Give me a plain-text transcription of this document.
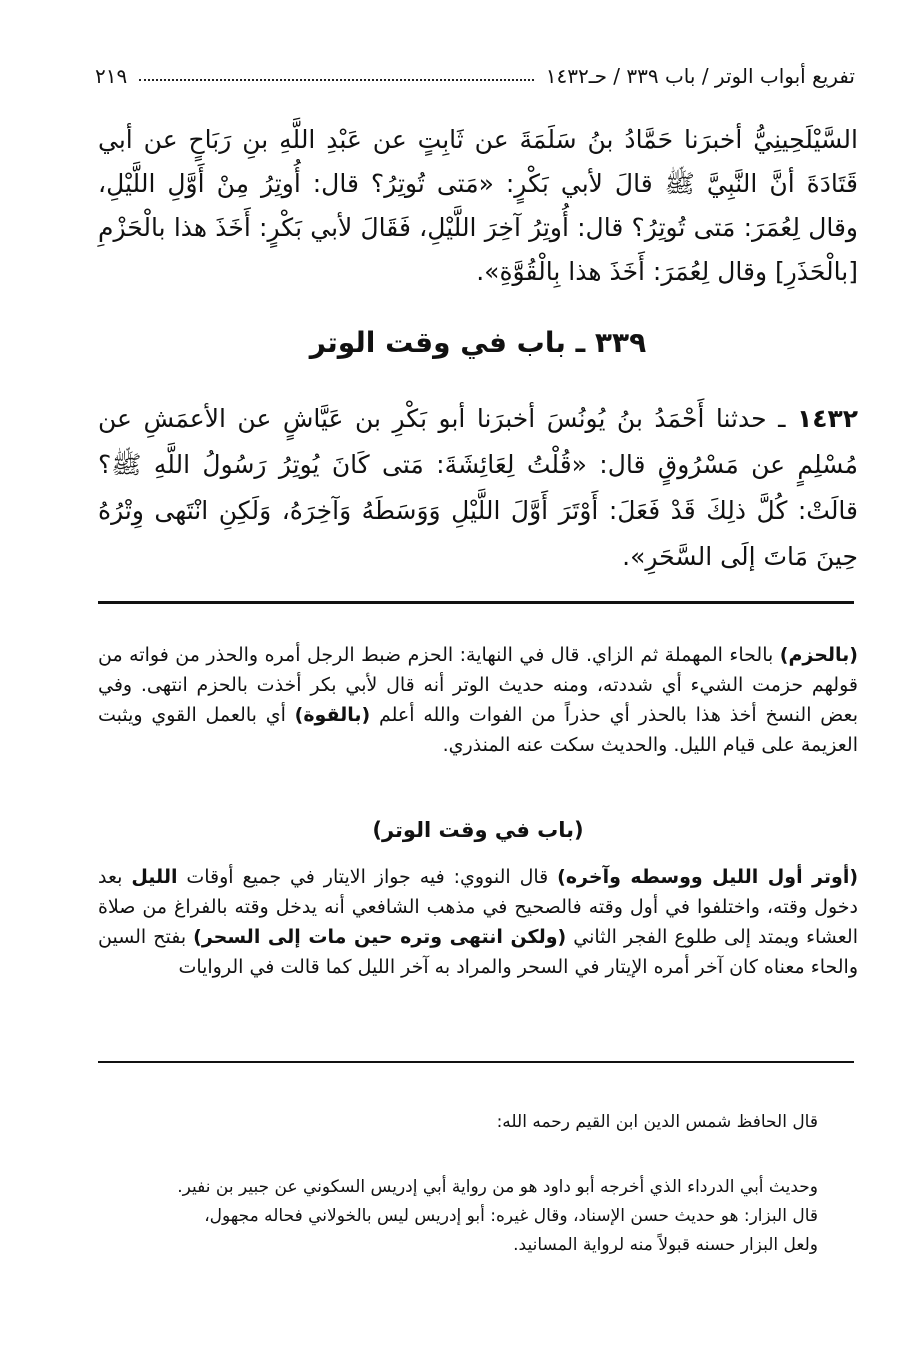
تفريع أبواب الوتر / باب ٣٣٩ / حـ١٤٣٢
٢١٩

السَّيْلَحِينِيُّ أخبرَنا حَمَّادُ بنُ سَلَمَةَ عن ثَابِتٍ عن عَبْدِ اللَّهِ بنِ رَبَاحٍ عن أبي قَتَادَةَ أنَّ النَّبِيَّ ﷺ قالَ لأبي بَكْرٍ: «مَتى تُوتِرُ؟ قال: أُوتِرُ مِنْ أَوَّلِ اللَّيْلِ، وقال لِعُمَرَ: مَتى تُوتِرُ؟ قال: أُوتِرُ آخِرَ اللَّيْلِ، فَقَالَ لأبي بَكْرٍ: أَخَذَ هذا بالْحَزْمِ [بالْحَذَرِ] وقال لِعُمَرَ: أَخَذَ هذا بِالْقُوَّةِ».

٣٣٩ ـ باب في وقت الوتر

١٤٣٢ ـ حدثنا أَحْمَدُ بنُ يُونُسَ أخبرَنا أبو بَكْرِ بن عَيَّاشٍ عن الأعمَشِ عن مُسْلِمٍ عن مَسْرُوقٍ قال: «قُلْتُ لِعَائِشَةَ: مَتى كَانَ يُوتِرُ رَسُولُ اللَّهِ ﷺ؟ قالَتْ: كُلَّ ذلِكَ قَدْ فَعَلَ: أَوْتَرَ أَوَّلَ اللَّيْلِ وَوَسَطَهُ وَآخِرَهُ، وَلَكِنِ انْتَهى وِتْرُهُ حِينَ مَاتَ إلَى السَّحَرِ».

(بالحزم) بالحاء المهملة ثم الزاي. قال في النهاية: الحزم ضبط الرجل أمره والحذر من فواته من قولهم حزمت الشيء أي شددته، ومنه حديث الوتر أنه قال لأبي بكر أخذت بالحزم انتهى. وفي بعض النسخ أخذ هذا بالحذر أي حذراً من الفوات والله أعلم (بالقوة) أي بالعمل القوي ويثبت العزيمة على قيام الليل. والحديث سكت عنه المنذري.

(باب في وقت الوتر)

(أوتر أول الليل ووسطه وآخره) قال النووي: فيه جواز الايتار في جميع أوقات الليل بعد دخول وقته، واختلفوا في أول وقته فالصحيح في مذهب الشافعي أنه يدخل وقته بالفراغ من صلاة العشاء ويمتد إلى طلوع الفجر الثاني (ولكن انتهى وتره حين مات إلى السحر) بفتح السين والحاء معناه كان آخر أمره الإيتار في السحر والمراد به آخر الليل كما قالت في الروايات

قال الحافظ شمس الدين ابن القيم رحمه الله:

وحديث أبي الدرداء الذي أخرجه أبو داود هو من رواية أبي إدريس السكوني عن جبير بن نفير.

قال البزار: هو حديث حسن الإسناد، وقال غيره: أبو إدريس ليس بالخولاني فحاله مجهول،

ولعل البزار حسنه قبولاً منه لرواية المسانيد.
